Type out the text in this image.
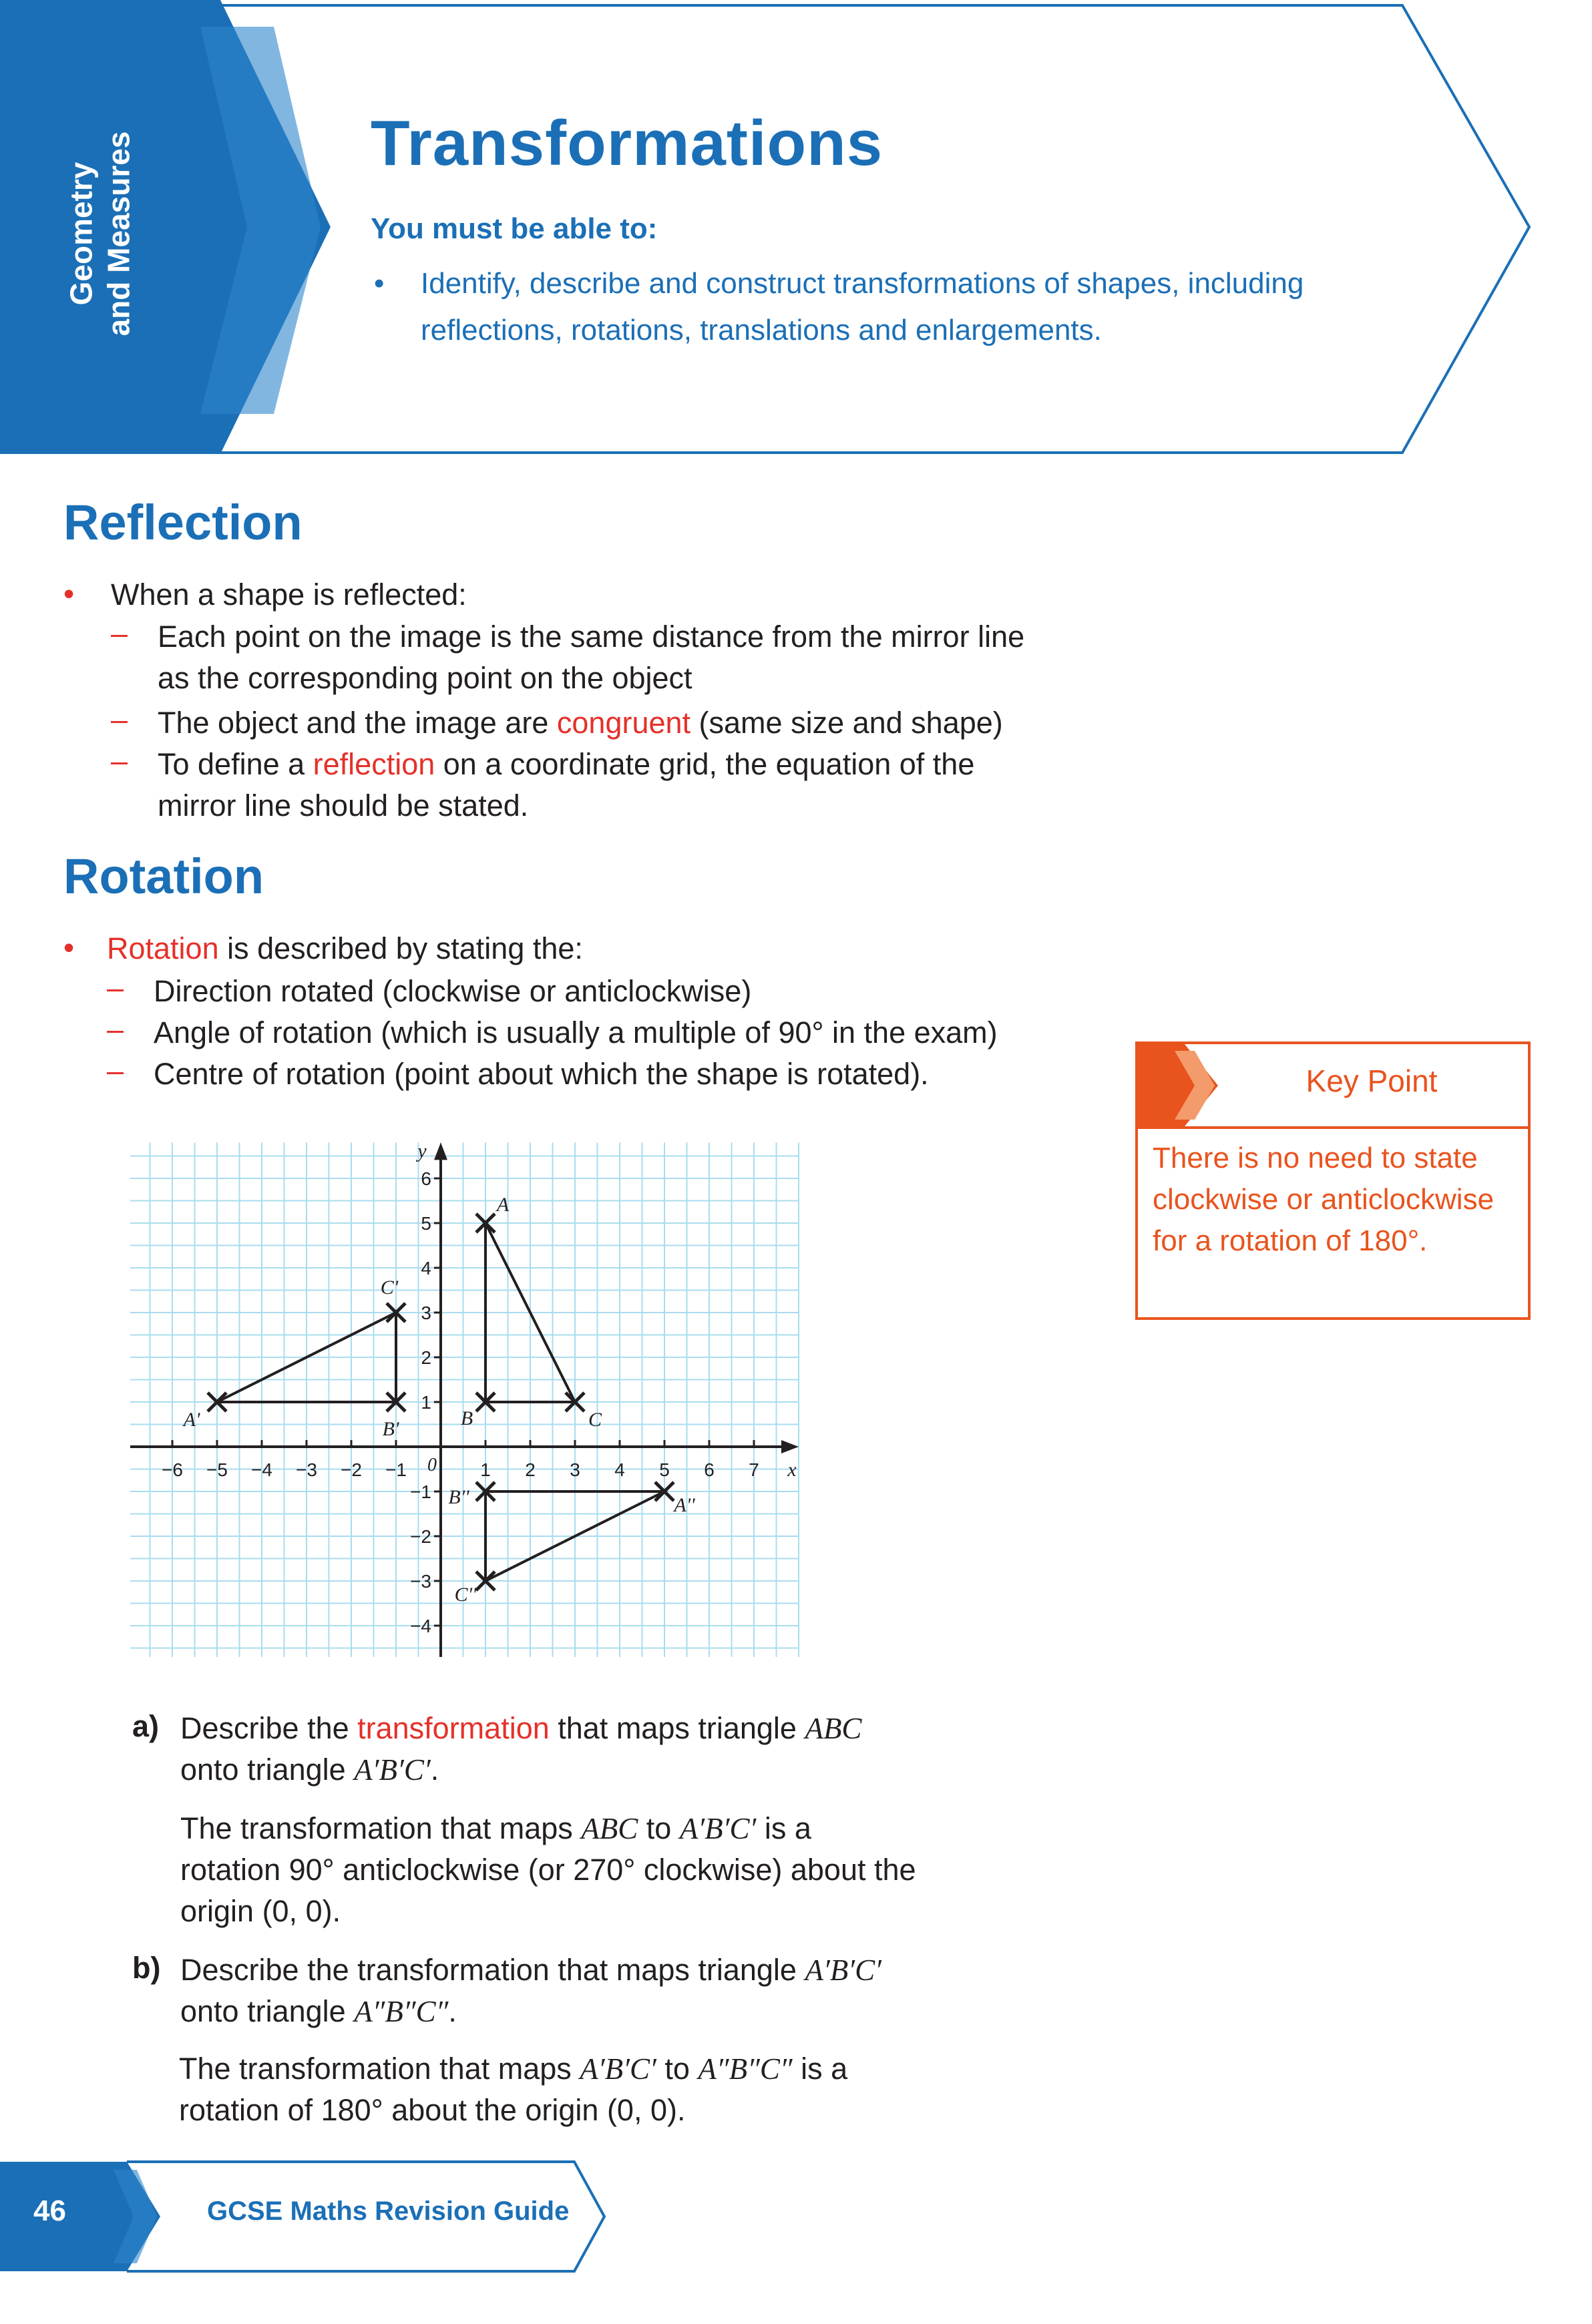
Geometry and Measures	Transformations
You must be able to:
• Identify, describe and construct transformations of shapes, including reflections, rotations, translations and enlargements.
Reflection
• When a shape is reflected:
– Each point on the image is the same distance from the mirror line as the corresponding point on the object
– The object and the image are congruent (same size and shape)
– To define a reflection on a coordinate grid, the equation of the mirror line should be stated.
Rotation
• Rotation is described by stating the:
– Direction rotated (clockwise or anticlockwise)
– Angle of rotation (which is usually a multiple of 90° in the exam)
– Centre of rotation (point about which the shape is rotated).	Key Point
There is no need to state clockwise or anticlockwise for a rotation of 180°.
−6 −5 −4 −3 −2 −1	1 2 3 4 5 6 7
−4
−3
−2
−1
1
2
3
4
5
6
0	x
y
A
B	C
A'	B'
C'
A''
B''
C''
a) Describe the transformation that maps triangle ABC
onto triangle A′B′C′.
The transformation that maps ABC to A′B′C′ is a
rotation 90° anticlockwise (or 270° clockwise) about the
origin (0, 0).
b) Describe the transformation that maps triangle A′B′C′
onto triangle A″B″C″.
The transformation that maps A′B′C′ to A″B″C″ is a
rotation of 180° about the origin (0, 0).
46	GCSE Maths Revision Guide
